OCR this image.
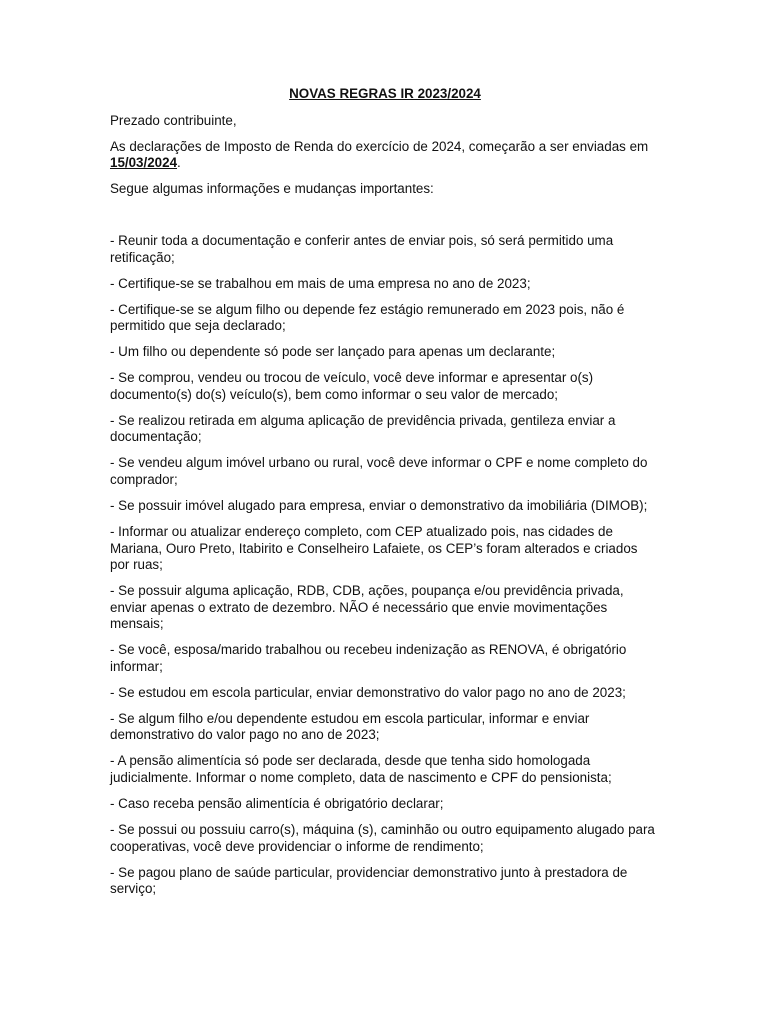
NOVAS REGRAS IR 2023/2024
Prezado contribuinte,
As declarações de Imposto de Renda do exercício de 2024, começarão a ser enviadas em 15/03/2024.
Segue algumas informações e mudanças importantes:
- Reunir toda a documentação e conferir antes de enviar pois, só será permitido uma retificação;
- Certifique-se se trabalhou em mais de uma empresa no ano de 2023;
- Certifique-se se algum filho ou depende fez estágio remunerado em 2023 pois, não é permitido que seja declarado;
- Um filho ou dependente só pode ser lançado para apenas um declarante;
- Se comprou, vendeu ou trocou de veículo, você deve informar e apresentar o(s) documento(s) do(s) veículo(s), bem como informar o seu valor de mercado;
- Se realizou retirada em alguma aplicação de previdência privada, gentileza enviar a documentação;
- Se vendeu algum imóvel urbano ou rural, você deve informar o CPF e nome completo do comprador;
- Se possuir imóvel alugado para empresa, enviar o demonstrativo da imobiliária (DIMOB);
- Informar ou atualizar endereço completo, com CEP atualizado pois, nas cidades de Mariana, Ouro Preto, Itabirito e Conselheiro Lafaiete, os CEP’s foram alterados e criados por ruas;
- Se possuir alguma aplicação, RDB, CDB, ações, poupança e/ou previdência privada, enviar apenas o extrato de dezembro. NÃO é necessário que envie movimentações mensais;
- Se você, esposa/marido trabalhou ou recebeu indenização as RENOVA, é obrigatório informar;
- Se estudou em escola particular, enviar demonstrativo do valor pago no ano de 2023;
- Se algum filho e/ou dependente estudou em escola particular, informar e enviar demonstrativo do valor pago no ano de 2023;
- A pensão alimentícia só pode ser declarada, desde que tenha sido homologada judicialmente. Informar o nome completo, data de nascimento e CPF do pensionista;
- Caso receba pensão alimentícia é obrigatório declarar;
- Se possui ou possuiu carro(s), máquina (s), caminhão ou outro equipamento alugado para cooperativas, você deve providenciar o informe de rendimento;
- Se pagou plano de saúde particular, providenciar demonstrativo junto à prestadora de serviço;
